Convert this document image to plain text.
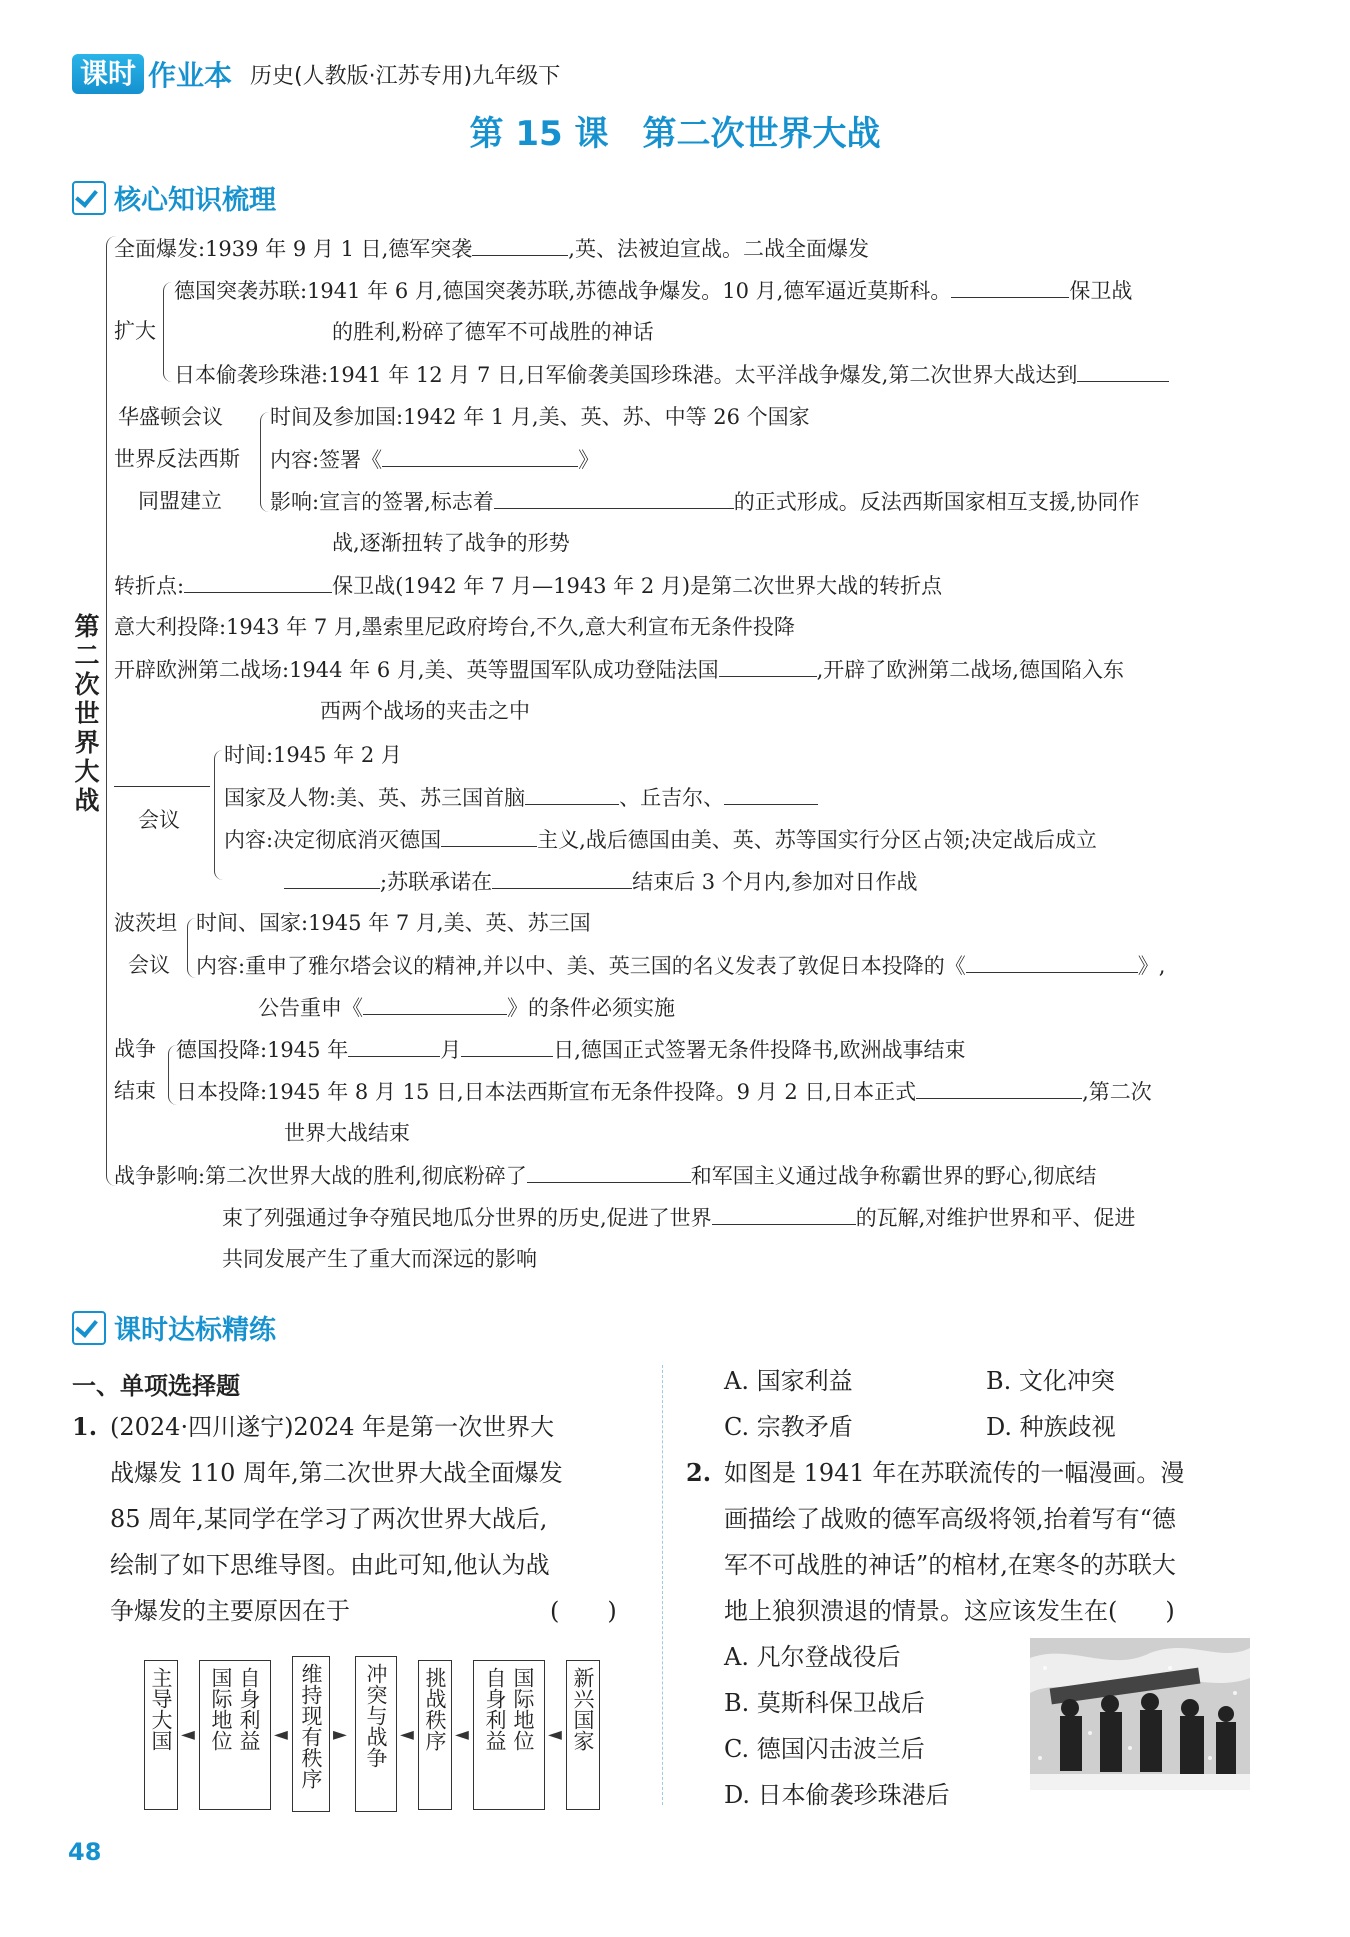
课时 作业本 历史(人教版·江苏专用)九年级下
第 15 课　第二次世界大战
核心知识梳理
第
二
次
世
界
大
战
全面爆发:1939 年 9 月 1 日,德军突袭	,英、法被迫宣战。二战全面爆发
扩大
德国突袭苏联:1941 年 6 月,德国突袭苏联,苏德战争爆发。10 月,德军逼近莫斯科。	保卫战
的胜利,粉碎了德军不可战胜的神话
日本偷袭珍珠港:1941 年 12 月 7 日,日军偷袭美国珍珠港。太平洋战争爆发,第二次世界大战达到
华盛顿会议
世界反法西斯
同盟建立
时间及参加国:1942 年 1 月,美、英、苏、中等 26 个国家
内容:签署《	》
影响:宣言的签署,标志着	的正式形成。反法西斯国家相互支援,协同作
战,逐渐扭转了战争的形势
转折点:	保卫战(1942 年 7 月—1943 年 2 月)是第二次世界大战的转折点
意大利投降:1943 年 7 月,墨索里尼政府垮台,不久,意大利宣布无条件投降
开辟欧洲第二战场:1944 年 6 月,美、英等盟国军队成功登陆法国	,开辟了欧洲第二战场,德国陷入东
西两个战场的夹击之中
会议
时间:1945 年 2 月
国家及人物:美、英、苏三国首脑	、丘吉尔、
内容:决定彻底消灭德国	主义,战后德国由美、英、苏等国实行分区占领;决定战后成立
;苏联承诺在	结束后 3 个月内,参加对日作战
波茨坦
会议
时间、国家:1945 年 7 月,美、英、苏三国
内容:重申了雅尔塔会议的精神,并以中、美、英三国的名义发表了敦促日本投降的《	》,
公告重申《	》的条件必须实施
战争
结束
德国投降:1945 年	月	日,德国正式签署无条件投降书,欧洲战事结束
日本投降:1945 年 8 月 15 日,日本法西斯宣布无条件投降。9 月 2 日,日本正式	,第二次
世界大战结束
战争影响:第二次世界大战的胜利,彻底粉碎了	和军国主义通过战争称霸世界的野心,彻底结
束了列强通过争夺殖民地瓜分世界的历史,促进了世界	的瓦解,对维护世界和平、促进
共同发展产生了重大而深远的影响
课时达标精练
一、单项选择题
1. (2024·四川遂宁)2024 年是第一次世界大
战爆发 110 周年,第二次世界大战全面爆发
85 周年,某同学在学习了两次世界大战后,
绘制了如下思维导图。由此可知,他认为战
争爆发的主要原因在于	(　　)
主导大国 ◄ 国际地位 自身利益 ◄ 维持现有秩序 ► 冲突与战争 ◄ 挑战秩序 ◄ 自身利益 国际地位 ◄ 新兴国家
A. 国家利益	B. 文化冲突
C. 宗教矛盾	D. 种族歧视
2. 如图是 1941 年在苏联流传的一幅漫画。漫
画描绘了战败的德军高级将领,抬着写有“德
军不可战胜的神话”的棺材,在寒冬的苏联大
地上狼狈溃退的情景。这应该发生在(　　)
A. 凡尔登战役后
B. 莫斯科保卫战后
C. 德国闪击波兰后
D. 日本偷袭珍珠港后
48
